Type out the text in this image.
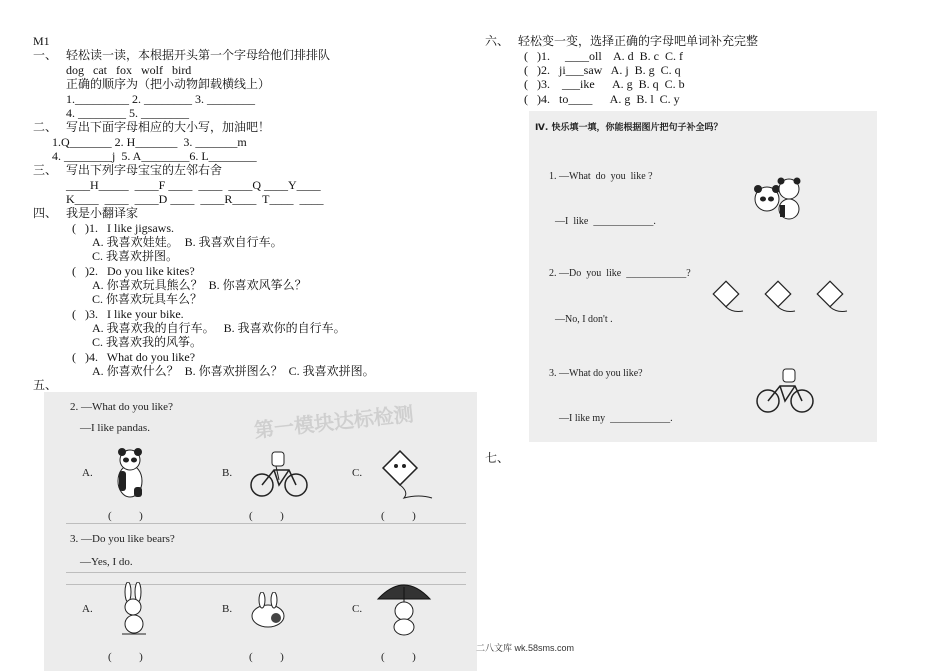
M1
一、   轻松读一读，本根据开头第一个字母给他们排排队
dog   cat   fox   wolf   bird
正确的顺序为（把小动物卸载横线上）
1._________ 2. ________ 3. ________
4. ________ 5. ________
二、   写出下面字母相应的大小写，加油吧！
1.Q_______ 2. H_______  3. _______m
4. ________j  5. A________6. L________
三、   写出下列字母宝宝的左邻右舍
____H_____  ____F ____  ____  ____Q ____Y____
K____  ____  ____D ____  ____R____  T____  ____
四、   我是小翻译家
(   )1.   I like jigsaws.
A. 我喜欢娃娃。  B. 我喜欢自行车。
C. 我喜欢拼图。
(   )2.   Do you like kites?
A. 你喜欢玩具熊么？  B. 你喜欢风筝么？
C. 你喜欢玩具车么？
(   )3.   I like your bike.
A. 我喜欢我的自行车。   B. 我喜欢你的自行车。
C. 我喜欢我的风筝。
(   )4.   What do you like?
A. 你喜欢什么？  B. 你喜欢拼图么？  C. 我喜欢拼图。
五、
第一模块达标检测
2. —What do you like?
—I like pandas.
A.	B.	C.
(          )	(          )	(          )
3. —Do you like bears?
—Yes, I do.
A.	B.	C.
(          )	(          )	(          )
六、   轻松变一变，选择正确的字母吧单词补充完整
(   )1.     ____oll    A. d  B. c  C. f
(   )2.   ji___saw   A. j  B. g  C. q
(   )3.    ___ike      A. g  B. q  C. b
(   )4.   to____      A. g  B. l  C. y
Ⅳ. 快乐填一填，你能根据图片把句子补全吗？
1. —What  do  you  like ?
—I  like  ____________.
2. —Do  you  like  ____________?
—No, I don't .
3. —What do you like?
—I like my  ____________.
七、
二八文库 wk.58sms.com
